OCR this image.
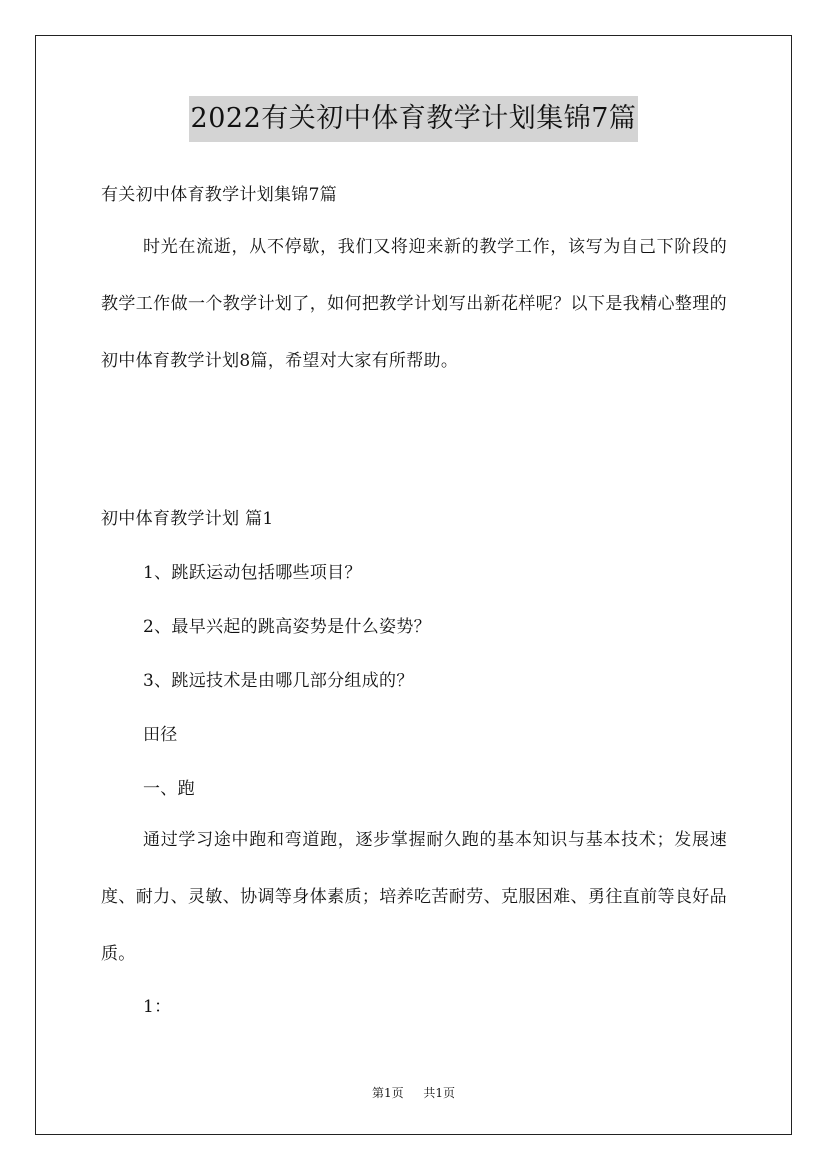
2022有关初中体育教学计划集锦7篇
有关初中体育教学计划集锦7篇

时光在流逝，从不停歇，我们又将迎来新的教学工作，该写为自己下阶段的教学工作做一个教学计划了，如何把教学计划写出新花样呢？以下是我精心整理的初中体育教学计划8篇，希望对大家有所帮助。

初中体育教学计划 篇1
1、跳跃运动包括哪些项目？
2、最早兴起的跳高姿势是什么姿势？
3、跳远技术是由哪几部分组成的？
田径
一、跑

通过学习途中跑和弯道跑，逐步掌握耐久跑的基本知识与基本技术；发展速度、耐力、灵敏、协调等身体素质；培养吃苦耐劳、克服困难、勇往直前等良好品质。

1：
第1页 共1页
